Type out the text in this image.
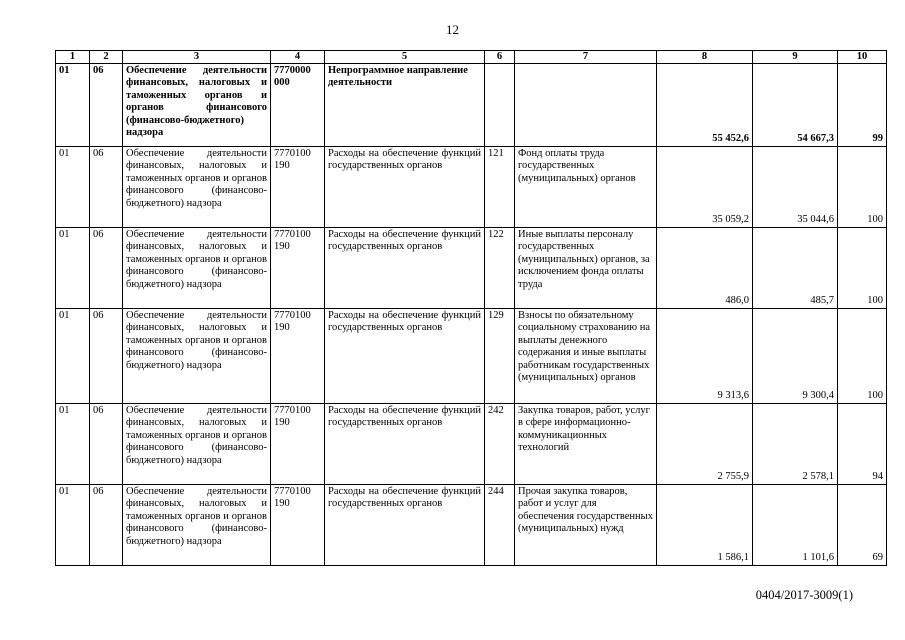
12
1	2	3	4	5	6	7	8	9	10
01	06	Обеспечение деятельности финансовых, налоговых и таможенных органов и органов финансового (финансово-бюджетного) надзора	7770000 000	Непрограммное направление деятельности			55 452,6	54 667,3	99
01	06	Обеспечение деятельности финансовых, налоговых и таможенных органов и органов финансового (финансово-бюджетного) надзора	7770100 190	Расходы на обеспечение функций государственных органов	121	Фонд оплаты труда государственных (муниципальных) органов	35 059,2	35 044,6	100
01	06	Обеспечение деятельности финансовых, налоговых и таможенных органов и органов финансового (финансово-бюджетного) надзора	7770100 190	Расходы на обеспечение функций государственных органов	122	Иные выплаты персоналу государственных (муниципальных) органов, за исключением фонда оплаты труда	486,0	485,7	100
01	06	Обеспечение деятельности финансовых, налоговых и таможенных органов и органов финансового (финансово-бюджетного) надзора	7770100 190	Расходы на обеспечение функций государственных органов	129	Взносы по обязательному социальному страхованию на выплаты денежного содержания и иные выплаты работникам государственных (муниципальных) органов	9 313,6	9 300,4	100
01	06	Обеспечение деятельности финансовых, налоговых и таможенных органов и органов финансового (финансово-бюджетного) надзора	7770100 190	Расходы на обеспечение функций государственных органов	242	Закупка товаров, работ, услуг в сфере информационно-коммуникационных технологий	2 755,9	2 578,1	94
01	06	Обеспечение деятельности финансовых, налоговых и таможенных органов и органов финансового (финансово-бюджетного) надзора	7770100 190	Расходы на обеспечение функций государственных органов	244	Прочая закупка товаров, работ и услуг для обеспечения государственных (муниципальных) нужд	1 586,1	1 101,6	69
0404/2017-3009(1)
